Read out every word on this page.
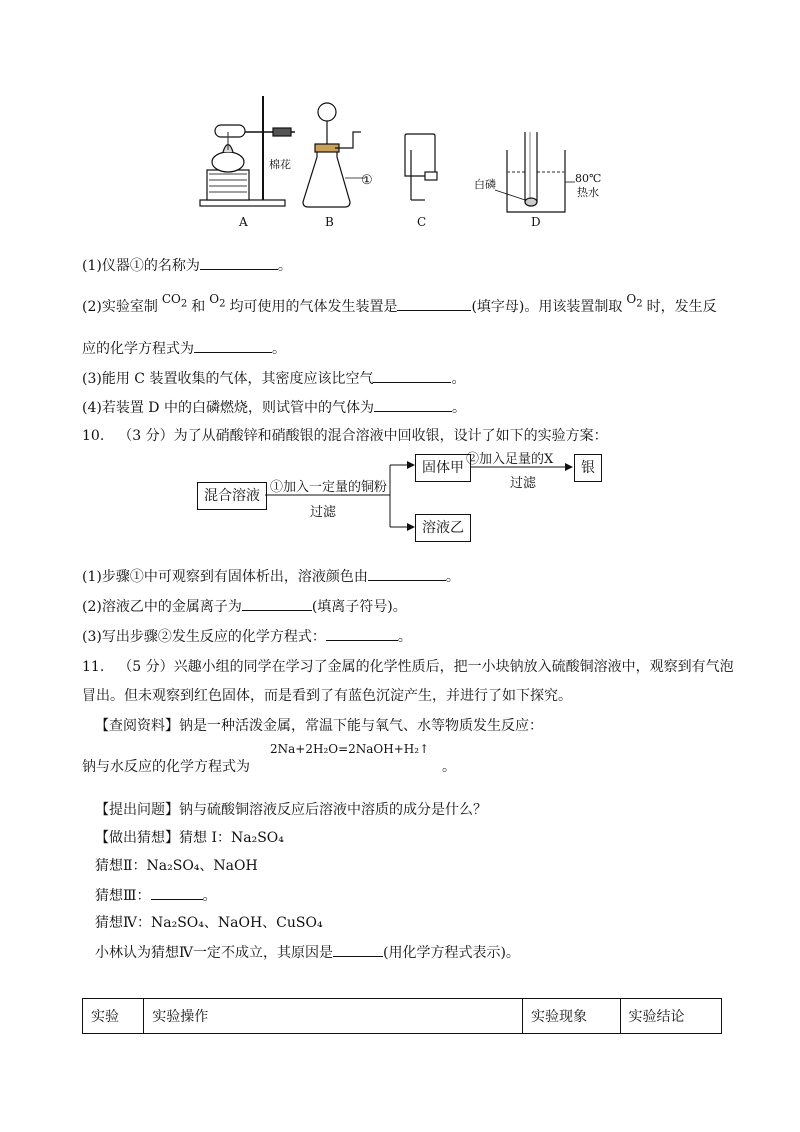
棉花
①	白磷	80℃
热水
A	B	C	D
(1)仪器①的名称为	。
(2)实验室制 $CO_2$ 和 $O_2$ 均可使用的气体发生装置是	(填字母)。用该装置制取 $O_2$ 时，发生反
应的化学方程式为	。
(3)能用 C 装置收集的气体，其密度应该比空气	。
(4)若装置 D 中的白磷燃烧，则试管中的气体为	。
10. （3 分）为了从硝酸锌和硝酸银的混合溶液中回收银，设计了如下的实验方案：
混合溶液
①加入一定量的铜粉
过滤
固体甲
②加入足量的X
过滤
银
溶液乙
(1)步骤①中可观察到有固体析出，溶液颜色由	。
(2)溶液乙中的金属离子为	(填离子符号)。
(3)写出步骤②发生反应的化学方程式：	。
11. （5 分）兴趣小组的同学在学习了金属的化学性质后，把一小块钠放入硫酸铜溶液中，观察到有气泡
冒出。但未观察到红色固体，而是看到了有蓝色沉淀产生，并进行了如下探究。
【查阅资料】钠是一种活泼金属，常温下能与氧气、水等物质发生反应：
2Na+2H₂O=2NaOH+H₂↑
钠与水反应的化学方程式为	。
【提出问题】钠与硫酸铜溶液反应后溶液中溶质的成分是什么？
【做出猜想】猜想 I：Na₂SO₄
猜想Ⅱ：Na₂SO₄、NaOH
猜想Ⅲ：	。
猜想Ⅳ：Na₂SO₄、NaOH、CuSO₄
小林认为猜想Ⅳ一定不成立，其原因是	(用化学方程式表示)。
实验	实验操作	实验现象	实验结论
